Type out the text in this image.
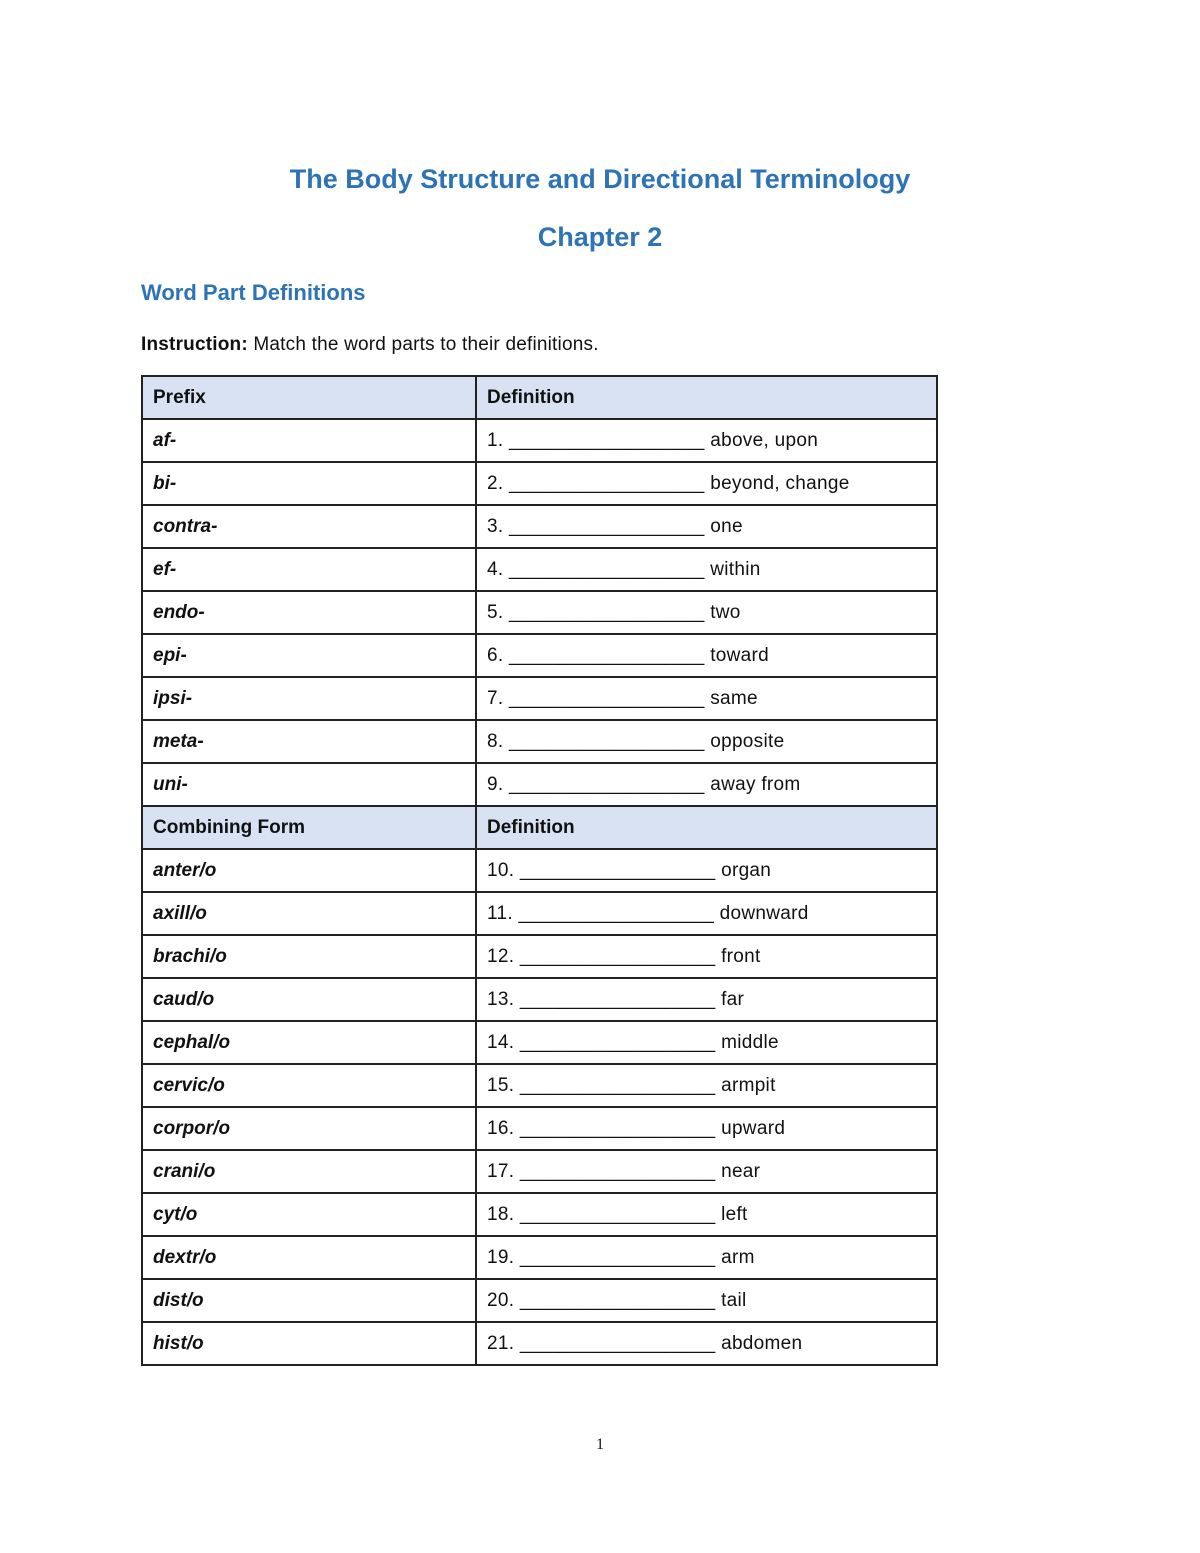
The Body Structure and Directional Terminology
Chapter 2
Word Part Definitions
Instruction: Match the word parts to their definitions.
Prefix	Definition
af-	1. __________________ above, upon
bi-	2. __________________ beyond, change
contra-	3. __________________ one
ef-	4. __________________ within
endo-	5. __________________ two
epi-	6. __________________ toward
ipsi-	7. __________________ same
meta-	8. __________________ opposite
uni-	9. __________________ away from
Combining Form	Definition
anter/o	10. __________________ organ
axill/o	11. __________________ downward
brachi/o	12. __________________ front
caud/o	13. __________________ far
cephal/o	14. __________________ middle
cervic/o	15. __________________ armpit
corpor/o	16. __________________ upward
crani/o	17. __________________ near
cyt/o	18. __________________ left
dextr/o	19. __________________ arm
dist/o	20. __________________ tail
hist/o	21. __________________ abdomen
1
